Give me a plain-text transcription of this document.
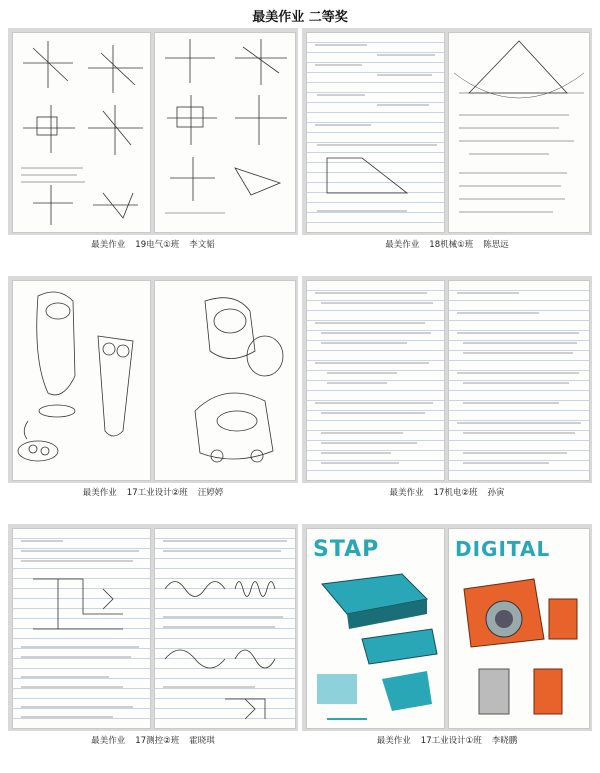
最美作业 二等奖
最美作业 19电气①班 李文韬	最美作业 18机械①班 陈思远
最美作业 17工业设计②班 汪婷婷	最美作业 17机电②班 孙寅
最美作业 17测控②班 霍晓琪
STAP	DIGITAL
最美作业 17工业设计①班 李晓鹏
